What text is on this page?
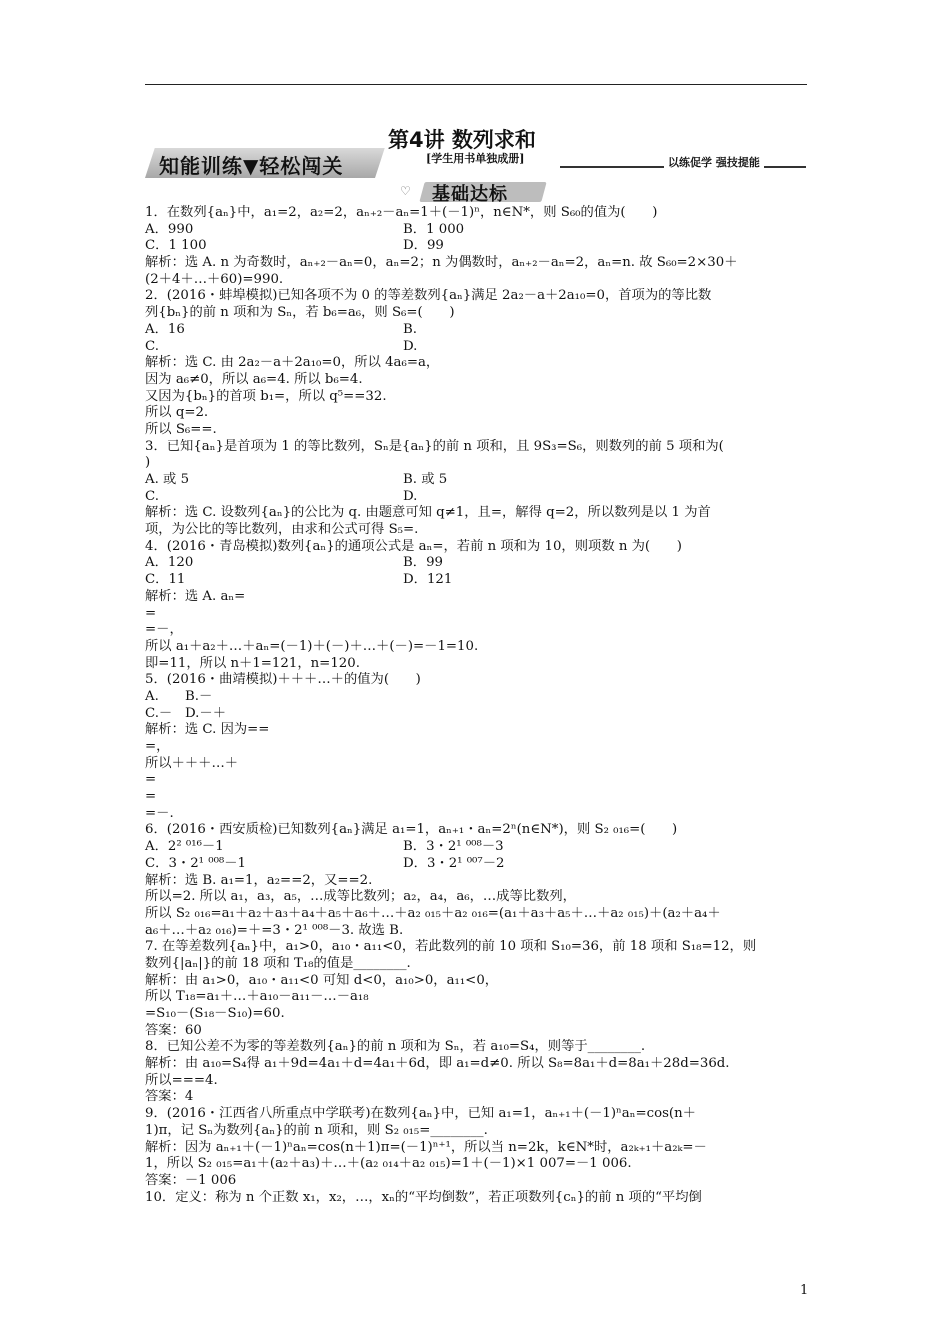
知能训练▼轻松闯关
第4讲 数列求和
[学生用书单独成册]	以练促学 强技提能
♡ 基础达标
1．在数列{aₙ}中，a₁=2，a₂=2，aₙ₊₂－aₙ=1＋(－1)ⁿ，n∈N*，则 S₆₀的值为(　　)
A．990	B．1 000
C．1 100	D．99
解析：选 A. n 为奇数时，aₙ₊₂－aₙ=0，aₙ=2；n 为偶数时，aₙ₊₂－aₙ=2，aₙ=n. 故 S₆₀=2×30＋
(2＋4＋…＋60)=990.
2．(2016・蚌埠模拟)已知各项不为 0 的等差数列{aₙ}满足 2a₂－a＋2a₁₀=0，首项为的等比数
列{bₙ}的前 n 项和为 Sₙ，若 b₆=a₆，则 S₆=(　　)
A．16	B.
C.	D.
解析：选 C. 由 2a₂－a＋2a₁₀=0，所以 4a₆=a，
因为 a₆≠0，所以 a₆=4. 所以 b₆=4.
又因为{bₙ}的首项 b₁=，所以 q⁵==32.
所以 q=2.
所以 S₆==.
3．已知{aₙ}是首项为 1 的等比数列，Sₙ是{aₙ}的前 n 项和，且 9S₃=S₆，则数列的前 5 项和为(
)
A. 或 5	B. 或 5
C.	D.
解析：选 C. 设数列{aₙ}的公比为 q. 由题意可知 q≠1，且=，解得 q=2，所以数列是以 1 为首
项，为公比的等比数列，由求和公式可得 S₅=.
4．(2016・青岛模拟)数列{aₙ}的通项公式是 aₙ=，若前 n 项和为 10，则项数 n 为(　　)
A．120	B．99
C．11	D．121
解析：选 A. aₙ=
=
=－，
所以 a₁＋a₂＋…＋aₙ=(－1)＋(－)＋…＋(－)=－1=10.
即=11，所以 n＋1=121，n=120.
5．(2016・曲靖模拟)＋＋＋…＋的值为(　　)
A. B.－
C.－ D.－＋
解析：选 C. 因为==
=，
所以＋＋＋…＋
=
=
=－.
6．(2016・西安质检)已知数列{aₙ}满足 a₁=1，aₙ₊₁・aₙ=2ⁿ(n∈N*)，则 S₂ ₀₁₆=(　　)
A．2² ⁰¹⁶－1	B．3・2¹ ⁰⁰⁸－3
C．3・2¹ ⁰⁰⁸－1	D．3・2¹ ⁰⁰⁷－2
解析：选 B. a₁=1，a₂==2，又==2.
所以=2. 所以 a₁，a₃，a₅，…成等比数列；a₂，a₄，a₆，…成等比数列，
所以 S₂ ₀₁₆=a₁＋a₂＋a₃＋a₄＋a₅＋a₆＋…＋a₂ ₀₁₅＋a₂ ₀₁₆=(a₁＋a₃＋a₅＋…＋a₂ ₀₁₅)＋(a₂＋a₄＋
a₆＋…＋a₂ ₀₁₆)=＋=3・2¹ ⁰⁰⁸－3. 故选 B.
7. 在等差数列{aₙ}中，a₁>0，a₁₀・a₁₁<0，若此数列的前 10 项和 S₁₀=36，前 18 项和 S₁₈=12，则
数列{|aₙ|}的前 18 项和 T₁₈的值是________.
解析：由 a₁>0，a₁₀・a₁₁<0 可知 d<0，a₁₀>0，a₁₁<0，
所以 T₁₈=a₁＋…＋a₁₀－a₁₁－…－a₁₈
=S₁₀－(S₁₈－S₁₀)=60.
答案：60
8．已知公差不为零的等差数列{aₙ}的前 n 项和为 Sₙ，若 a₁₀=S₄，则等于________.
解析：由 a₁₀=S₄得 a₁＋9d=4a₁＋d=4a₁＋6d，即 a₁=d≠0. 所以 S₈=8a₁＋d=8a₁＋28d=36d.
所以===4.
答案：4
9．(2016・江西省八所重点中学联考)在数列{aₙ}中，已知 a₁=1，aₙ₊₁＋(－1)ⁿaₙ=cos(n＋
1)π，记 Sₙ为数列{aₙ}的前 n 项和，则 S₂ ₀₁₅=________.
解析：因为 aₙ₊₁＋(－1)ⁿaₙ=cos(n＋1)π=(－1)ⁿ⁺¹，所以当 n=2k，k∈N*时，a₂ₖ₊₁＋a₂ₖ=－
1，所以 S₂ ₀₁₅=a₁＋(a₂＋a₃)＋…＋(a₂ ₀₁₄＋a₂ ₀₁₅)=1＋(－1)×1 007=－1 006.
答案：－1 006
10．定义：称为 n 个正数 x₁，x₂，…，xₙ的“平均倒数”，若正项数列{cₙ}的前 n 项的“平均倒
1
